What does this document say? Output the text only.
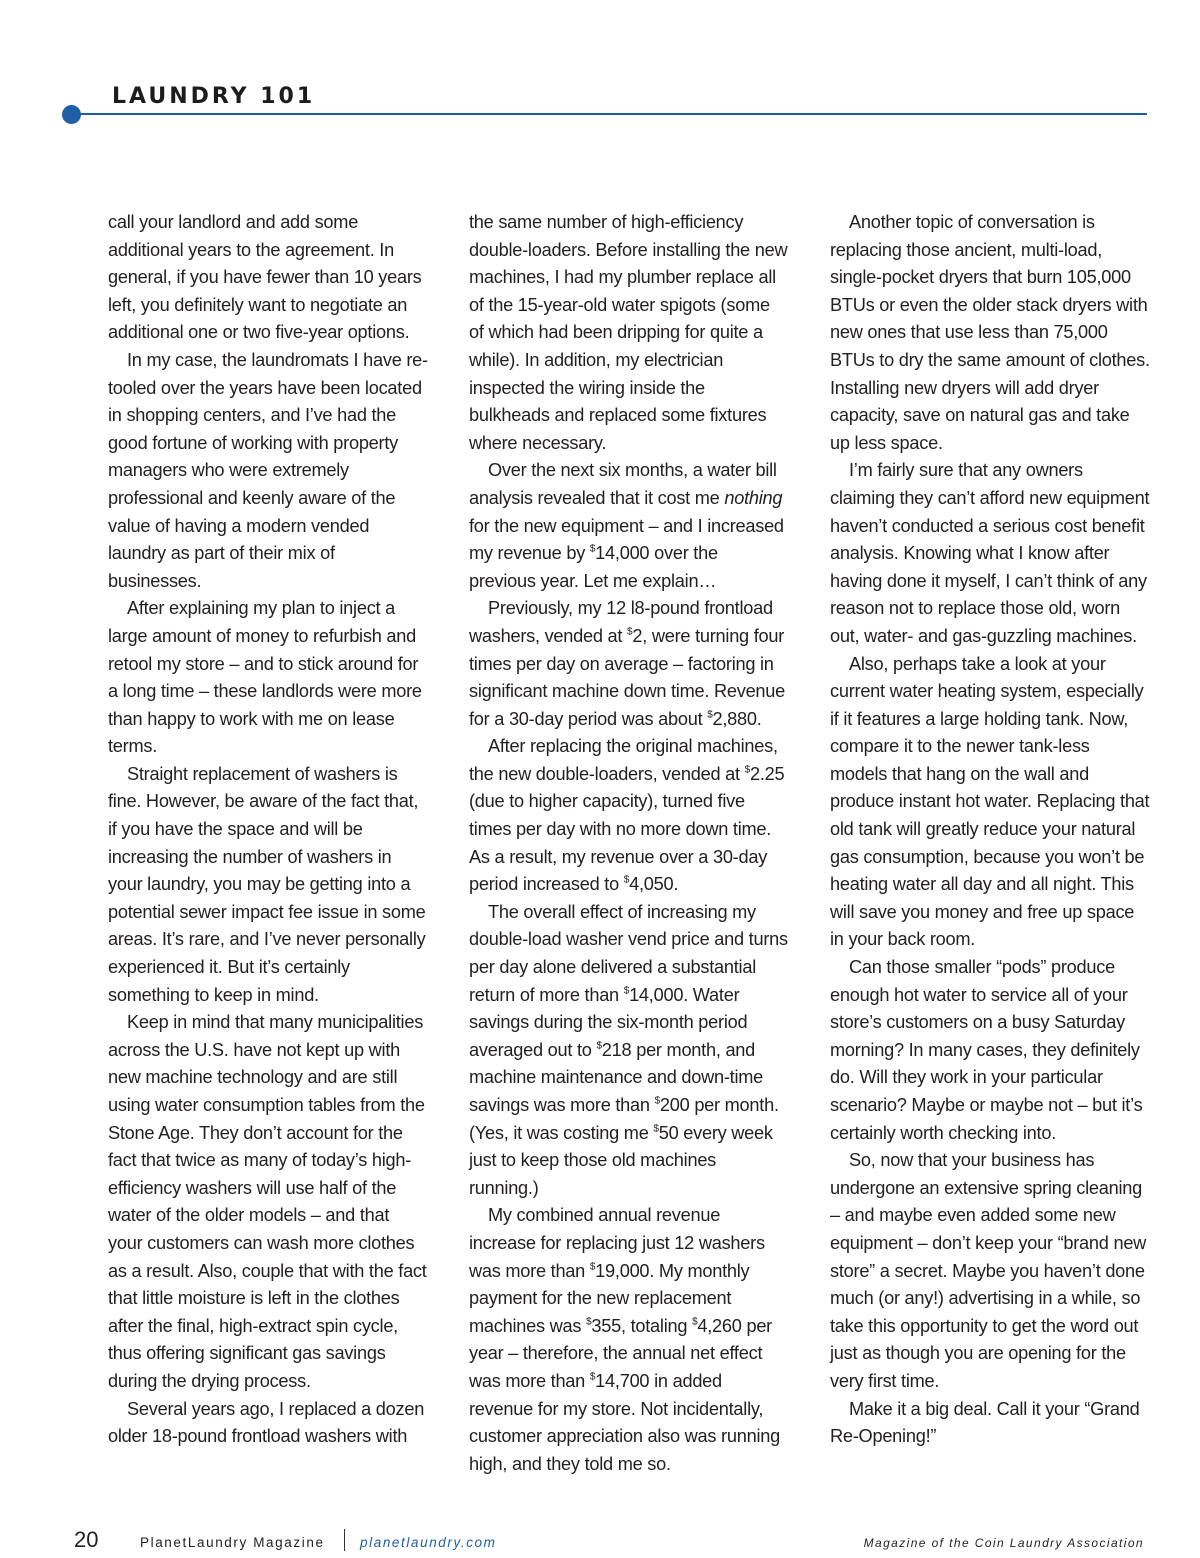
LAUNDRY 101

call your landlord and add some additional years to the agreement. In general, if you have fewer than 10 years left, you definitely want to negotiate an additional one or two five-year options.

In my case, the laundromats I have re-tooled over the years have been located in shopping centers, and I’ve had the good fortune of working with property managers who were extremely professional and keenly aware of the value of having a modern vended laundry as part of their mix of businesses.

After explaining my plan to inject a large amount of money to refurbish and retool my store – and to stick around for a long time – these landlords were more than happy to work with me on lease terms.

Straight replacement of washers is fine. However, be aware of the fact that, if you have the space and will be increasing the number of washers in your laundry, you may be getting into a potential sewer impact fee issue in some areas. It’s rare, and I’ve never personally experienced it. But it’s certainly something to keep in mind.

Keep in mind that many municipalities across the U.S. have not kept up with new machine technology and are still using water consumption tables from the Stone Age. They don’t account for the fact that twice as many of today’s high-efficiency washers will use half of the water of the older models – and that your customers can wash more clothes as a result. Also, couple that with the fact that little moisture is left in the clothes after the final, high-extract spin cycle, thus offering significant gas savings during the drying process.

Several years ago, I replaced a dozen older 18-pound frontload washers with

the same number of high-efficiency double-loaders. Before installing the new machines, I had my plumber replace all of the 15-year-old water spigots (some of which had been dripping for quite a while). In addition, my electrician inspected the wiring inside the bulkheads and replaced some fixtures where necessary.

Over the next six months, a water bill analysis revealed that it cost me nothing for the new equipment – and I increased my revenue by $14,000 over the previous year. Let me explain…

Previously, my 12 l8-pound frontload washers, vended at $2, were turning four times per day on average – factoring in significant machine down time. Revenue for a 30-day period was about $2,880.

After replacing the original machines, the new double-loaders, vended at $2.25 (due to higher capacity), turned five times per day with no more down time. As a result, my revenue over a 30-day period increased to $4,050.

The overall effect of increasing my double-load washer vend price and turns per day alone delivered a substantial return of more than $14,000. Water savings during the six-month period averaged out to $218 per month, and machine maintenance and down-time savings was more than $200 per month. (Yes, it was costing me $50 every week just to keep those old machines running.)

My combined annual revenue increase for replacing just 12 washers was more than $19,000. My monthly payment for the new replacement machines was $355, totaling $4,260 per year – therefore, the annual net effect was more than $14,700 in added revenue for my store. Not incidentally, customer appreciation also was running high, and they told me so.

Another topic of conversation is replacing those ancient, multi-load, single-pocket dryers that burn 105,000 BTUs or even the older stack dryers with new ones that use less than 75,000 BTUs to dry the same amount of clothes. Installing new dryers will add dryer capacity, save on natural gas and take up less space.

I’m fairly sure that any owners claiming they can’t afford new equipment haven’t conducted a serious cost benefit analysis. Knowing what I know after having done it myself, I can’t think of any reason not to replace those old, worn out, water- and gas-guzzling machines.

Also, perhaps take a look at your current water heating system, especially if it features a large holding tank. Now, compare it to the newer tank-less models that hang on the wall and produce instant hot water. Replacing that old tank will greatly reduce your natural gas consumption, because you won’t be heating water all day and all night. This will save you money and free up space in your back room.

Can those smaller “pods” produce enough hot water to service all of your store’s customers on a busy Saturday morning? In many cases, they definitely do. Will they work in your particular scenario? Maybe or maybe not – but it’s certainly worth checking into.

So, now that your business has undergone an extensive spring cleaning – and maybe even added some new equipment – don’t keep your “brand new store” a secret. Maybe you haven’t done much (or any!) advertising in a while, so take this opportunity to get the word out just as though you are opening for the very first time.

Make it a big deal. Call it your “Grand Re-Opening!”

20	PlanetLaundry Magazine	planetlaundry.com	Magazine of the Coin Laundry Association
